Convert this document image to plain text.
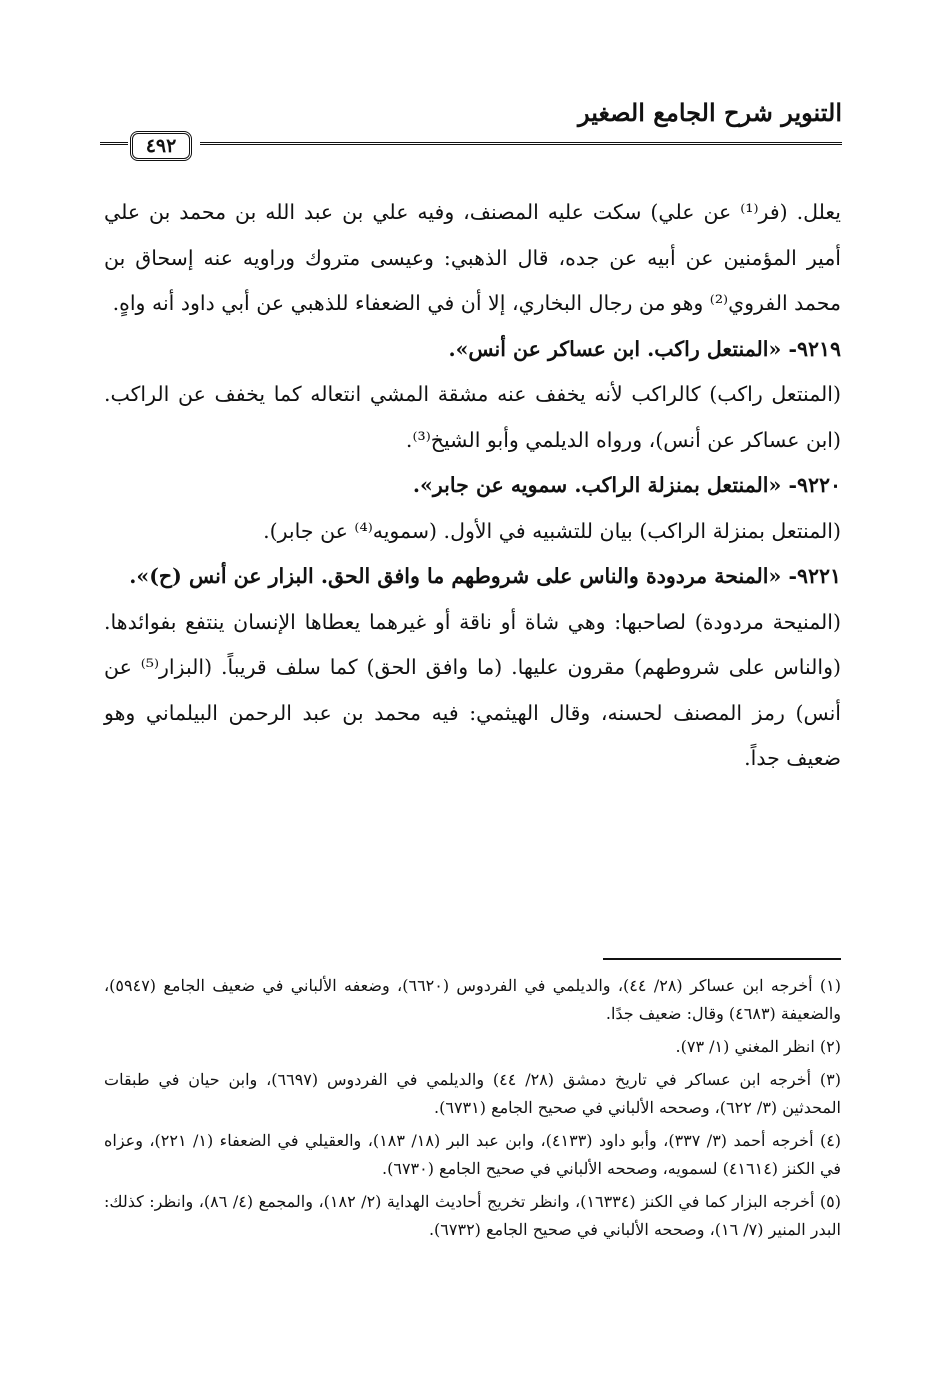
التنوير شرح الجامع الصغير
٤٩٢

يعلل. (فر⁽¹⁾ عن علي) سكت عليه المصنف، وفيه علي بن عبد الله بن محمد بن علي أمير المؤمنين عن أبيه عن جده، قال الذهبي: وعيسى متروك وراويه عنه إسحاق بن محمد الفروي⁽²⁾ وهو من رجال البخاري، إلا أن في الضعفاء للذهبي عن أبي داود أنه واهٍ.

٩٢١٩- «المنتعل راكب. ابن عساكر عن أنس».

(المنتعل راكب) كالراكب لأنه يخفف عنه مشقة المشي انتعاله كما يخفف عن الراكب. (ابن عساكر عن أنس)، ورواه الديلمي وأبو الشيخ⁽³⁾.

٩٢٢٠- «المنتعل بمنزلة الراكب. سمويه عن جابر».

(المنتعل بمنزلة الراكب) بيان للتشبيه في الأول. (سمويه⁽⁴⁾ عن جابر).

٩٢٢١- «المنحة مردودة والناس على شروطهم ما وافق الحق. البزار عن أنس (ح)».

(المنيحة مردودة) لصاحبها: وهي شاة أو ناقة أو غيرهما يعطاها الإنسان ينتفع بفوائدها. (والناس على شروطهم) مقرون عليها. (ما وافق الحق) كما سلف قريباً. (البزار⁽⁵⁾ عن أنس) رمز المصنف لحسنه، وقال الهيثمي: فيه محمد بن عبد الرحمن البيلماني وهو ضعيف جداً.

(١) أخرجه ابن عساكر (٢٨/ ٤٤)، والديلمي في الفردوس (٦٦٢٠)، وضعفه الألباني في ضعيف الجامع (٥٩٤٧)، والضعيفة (٤٦٨٣) وقال: ضعيف جدًا.

(٢) انظر المغني (١/ ٧٣).

(٣) أخرجه ابن عساكر في تاريخ دمشق (٢٨/ ٤٤) والديلمي في الفردوس (٦٦٩٧)، وابن حيان في طبقات المحدثين (٣/ ٦٢٢)، وصححه الألباني في صحيح الجامع (٦٧٣١).

(٤) أخرجه أحمد (٣/ ٣٣٧)، وأبو داود (٤١٣٣)، وابن عبد البر (١٨/ ١٨٣)، والعقيلي في الضعفاء (١/ ٢٢١)، وعزاه في الكنز (٤١٦١٤) لسمويه، وصححه الألباني في صحيح الجامع (٦٧٣٠).

(٥) أخرجه البزار كما في الكنز (١٦٣٣٤)، وانظر تخريج أحاديث الهداية (٢/ ١٨٢)، والمجمع (٤/ ٨٦)، وانظر: كذلك: البدر المنير (٧/ ١٦)، وصححه الألباني في صحيح الجامع (٦٧٣٢).
